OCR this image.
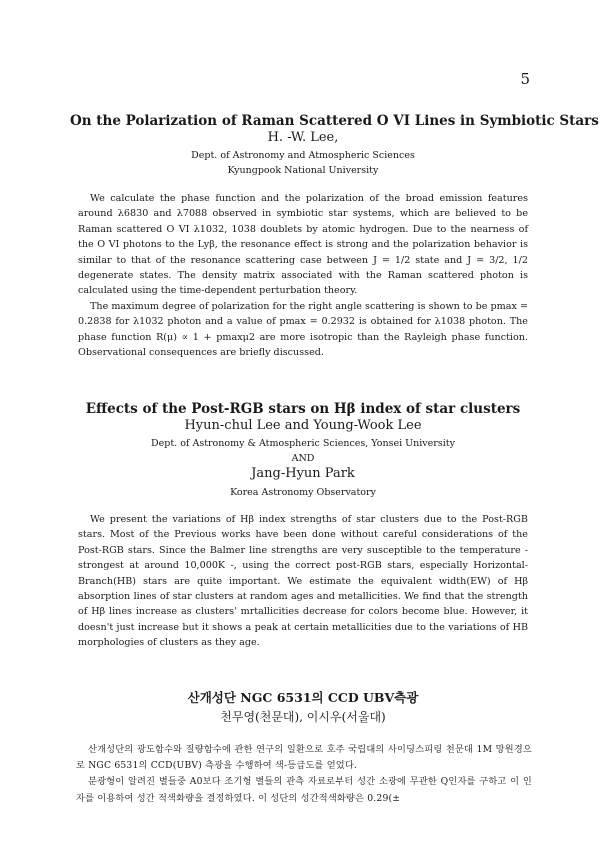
5
On the Polarization of Raman Scattered O VI Lines in Symbiotic Stars
H. -W. Lee,
Dept. of Astronomy and Atmospheric Sciences
Kyungpook National University

We calculate the phase function and the polarization of the broad emission features around λ6830 and λ7088 observed in symbiotic star systems, which are believed to be Raman scattered O VI λ1032, 1038 doublets by atomic hydrogen. Due to the nearness of the O VI photons to the Lyβ, the resonance effect is strong and the polarization behavior is similar to that of the resonance scattering case between J = 1/2 state and J = 3/2, 1/2 degenerate states. The density matrix associated with the Raman scattered photon is calculated using the time-dependent perturbation theory.

The maximum degree of polarization for the right angle scattering is shown to be pmax = 0.2838 for λ1032 photon and a value of pmax = 0.2932 is obtained for λ1038 photon. The phase function R(μ) ∝ 1 + pmaxμ2 are more isotropic than the Rayleigh phase function. Observational consequences are briefly discussed.

Effects of the Post-RGB stars on Hβ index of star clusters
Hyun-chul Lee and Young-Wook Lee
Dept. of Astronomy & Atmospheric Sciences, Yonsei University
AND
Jang-Hyun Park
Korea Astronomy Observatory

We present the variations of Hβ index strengths of star clusters due to the Post-RGB stars. Most of the Previous works have been done without careful considerations of the Post-RGB stars. Since the Balmer line strengths are very susceptible to the temperature - strongest at around 10,000K -, using the correct post-RGB stars, especially Horizontal-Branch(HB) stars are quite important. We estimate the equivalent width(EW) of Hβ absorption lines of star clusters at random ages and metallicities. We find that the strength of Hβ lines increase as clusters' mrtallicities decrease for colors become blue. However, it doesn't just increase but it shows a peak at certain metallicities due to the variations of HB morphologies of clusters as they age.

산개성단 NGC 6531의 CCD UBV측광
천무영(천문대), 이시우(서울대)

산개성단의 광도함수와 질량함수에 관한 연구의 일환으로 호주 국립대의 사이딩스피링 천문대 1M 망원경으로 NGC 6531의 CCD(UBV) 측광을 수행하여 색-등급도를 얻었다.

분광형이 알려진 별들중 A0보다 조기형 별들의 관측 자료로부터 성간 소광에 무관한 Q인자를 구하고 이 인자를 이용하여 성간 적색화량을 결정하였다. 이 성단의 성간적색화량은 0.29(±
